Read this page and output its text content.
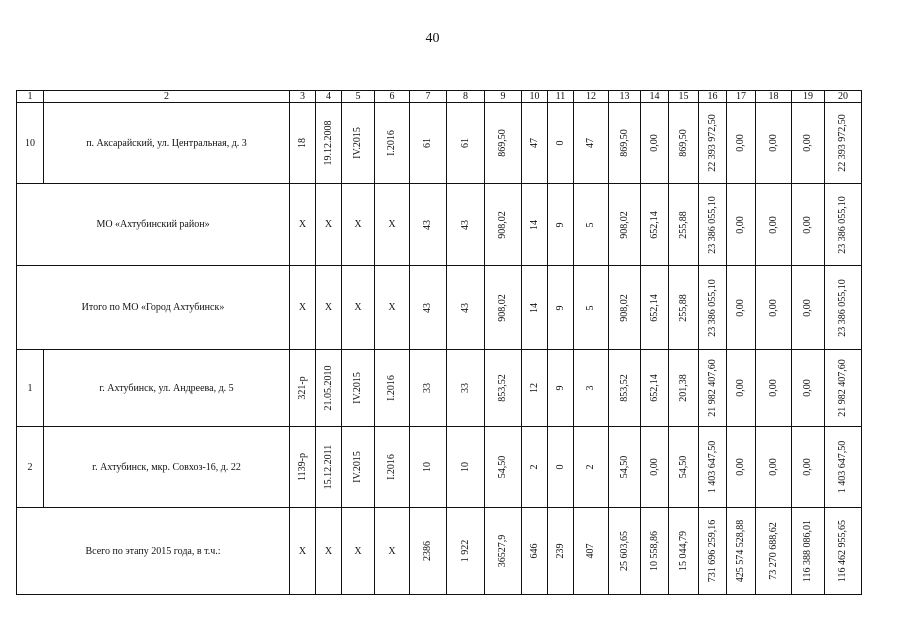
40
1	2	3	4	5	6	7	8	9	10	11	12	13	14	15	16	17	18	19	20
10	п. Аксарайский, ул. Центральная, д. 3	18	19.12.2008	IV.2015	I.2016	61	61	869,50	47	0	47	869,50	0,00	869,50	22 393 972,50	0,00	0,00	0,00	22 393 972,50

МО «Ахтубинский район»		X	X	X	X	43	43	908,02	14	9	5	908,02	652,14	255,88	23 386 055,10	0,00	0,00	0,00	23 386 055,10

Итого по МО «Город Ахтубинск»		X	X	X	X	43	43	908,02	14	9	5	908,02	652,14	255,88	23 386 055,10	0,00	0,00	0,00	23 386 055,10

1	г. Ахтубинск, ул. Андреева, д. 5	321-р	21.05.2010	IV.2015	I.2016	33	33	853,52	12	9	3	853,52	652,14	201,38	21 982 407,60	0,00	0,00	0,00	21 982 407,60

2	г. Ахтубинск, мкр. Совхоз-16, д. 22	1139-р	15.12.2011	IV.2015	I.2016	10	10	54,50	2	0	2	54,50	0,00	54,50	1 403 647,50	0,00	0,00	0,00	1 403 647,50

Всего по этапу 2015 года, в т.ч.:		X	X	X	X	2386	1 922	36527,9	646	239	407	25 603,65	10 558,86	15 044,79	731 696 259,16	425 574 528,88	73 270 688,62	116 388 086,01	116 462 955,65
